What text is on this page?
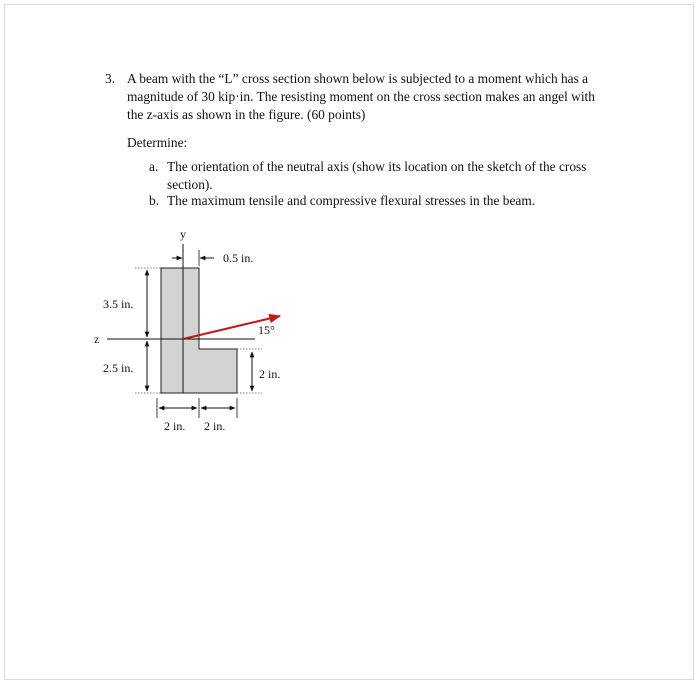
3. A beam with the “L” cross section shown below is subjected to a moment which has a
magnitude of 30 kip·in. The resisting moment on the cross section makes an angel with
the z-axis as shown in the figure. (60 points)
Determine:
a. The orientation of the neutral axis (show its location on the sketch of the cross
section).
b. The maximum tensile and compressive flexural stresses in the beam.
y
z
0.5 in.
3.5 in.
2.5 in.	2 in.
2 in. 2 in.
15°
